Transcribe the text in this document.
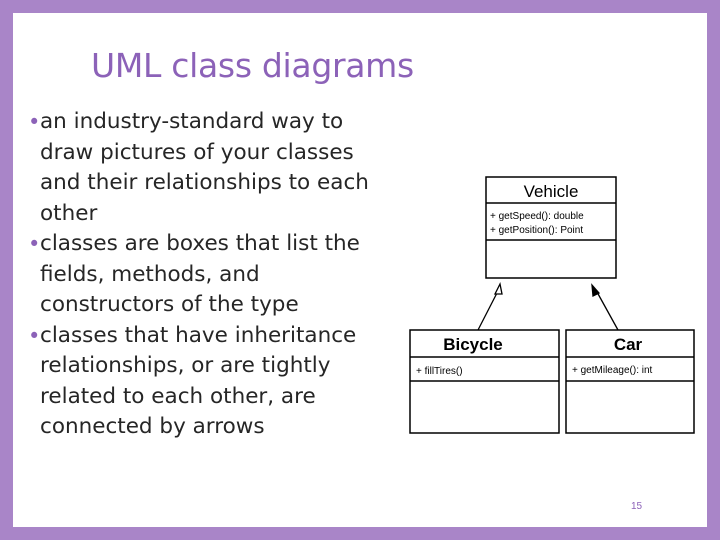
UML class diagrams
• an industry-standard way to draw pictures of your classes and their relationships to each other
• classes are boxes that list the fields, methods, and constructors of the type
• classes that have inheritance relationships, or are tightly related to each other, are connected by arrows
15
Vehicle
+ getSpeed(): double
+ getPosition(): Point
Bicycle
+ fillTires()
Car
+ getMileage(): int
